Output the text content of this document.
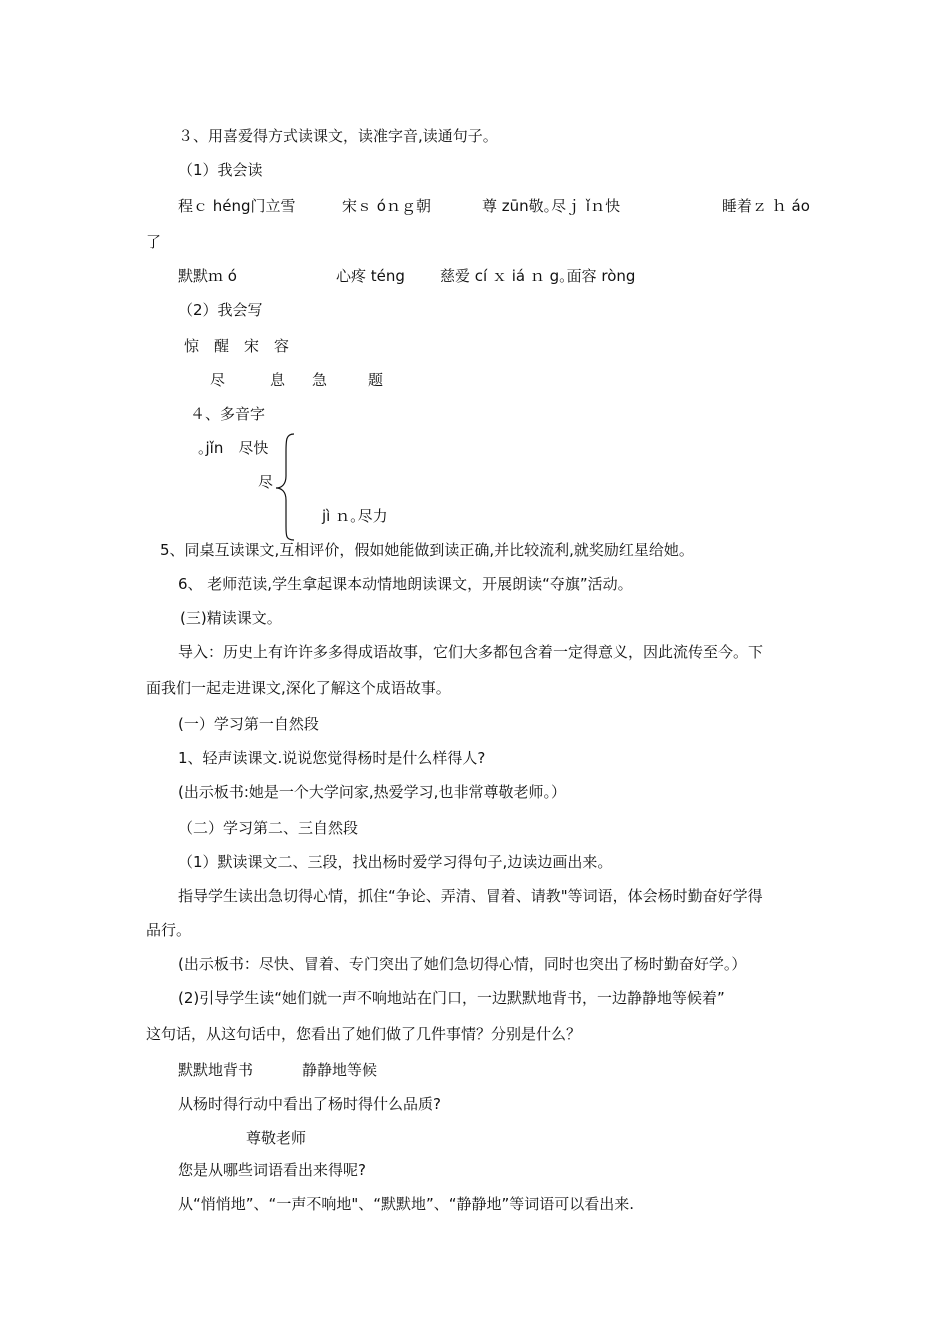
３、用喜爱得方式读课文，读准字音,读通句子。
（1）我会读
程ｃ héng门立雪	宋ｓ óｎｇ朝	尊 zūn敬｡尽ｊ ǐｎ快	睡着ｚ ｈ áo
了
默默ｍ ó	心疼 téng 慈爱 cí ｘ iá ｎ g｡面容 ròng
（2）我会写
惊　醒　宋　容
尽	息 急	题
４、多音字
｡jǐn　尽快
尽
jì ｎ｡尽力
5、同桌互读课文,互相评价，假如她能做到读正确,并比较流利,就奖励红星给她。
6、 老师范读,学生拿起课本动情地朗读课文，开展朗读“夺旗”活动。
(三)精读课文。
导入：历史上有许许多多得成语故事，它们大多都包含着一定得意义，因此流传至今。下
面我们一起走进课文,深化了解这个成语故事。
(一）学习第一自然段
1、轻声读课文.说说您觉得杨时是什么样得人?
(出示板书:她是一个大学问家,热爱学习,也非常尊敬老师。）
（二）学习第二、三自然段
（1）默读课文二、三段，找出杨时爱学习得句子,边读边画出来。
指导学生读出急切得心情，抓住“争论、弄清、冒着、请教"等词语，体会杨时勤奋好学得
品行。
(出示板书：尽快、冒着、专门突出了她们急切得心情，同时也突出了杨时勤奋好学。）
(2)引导学生读“她们就一声不响地站在门口，一边默默地背书，一边静静地等候着”
这句话，从这句话中，您看出了她们做了几件事情？分别是什么？
默默地背书	静静地等候
从杨时得行动中看出了杨时得什么品质?
尊敬老师
您是从哪些词语看出来得呢?
从“悄悄地”、“一声不响地"、“默默地”、“静静地”等词语可以看出来.
